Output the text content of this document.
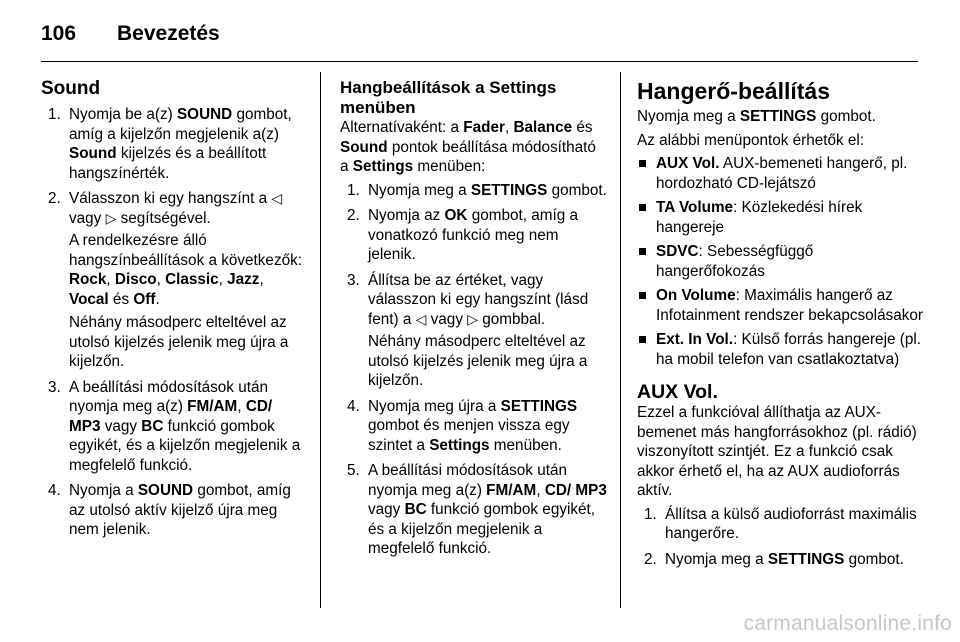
106	Bevezetés
Sound
1. Nyomja be a(z) SOUND gombot, amíg a kijelzőn megjelenik a(z) Sound kijelzés és a beállított hangszínérték.
2. Válasszon ki egy hangszínt a ◁ vagy ▷ segítségével.

A rendelkezésre álló hangszínbeállítások a következők: Rock, Disco, Classic, Jazz, Vocal és Off.

Néhány másodperc elteltével az utolsó kijelzés jelenik meg újra a kijelzőn.

3. A beállítási módosítások után nyomja meg a(z) FM/AM, CD/ MP3 vagy BC funkció gombok egyikét, és a kijelzőn megjelenik a megfelelő funkció.
4. Nyomja a SOUND gombot, amíg az utolsó aktív kijelző újra meg nem jelenik.
Hangbeállítások a Settings menüben

Alternatívaként: a Fader, Balance és Sound pontok beállítása módosítható a Settings menüben:

1. Nyomja meg a SETTINGS gombot.
2. Nyomja az OK gombot, amíg a vonatkozó funkció meg nem jelenik.
3. Állítsa be az értéket, vagy válasszon ki egy hangszínt (lásd fent) a ◁ vagy ▷ gombbal.

Néhány másodperc elteltével az utolsó kijelzés jelenik meg újra a kijelzőn.

4. Nyomja meg újra a SETTINGS gombot és menjen vissza egy szintet a Settings menüben.
5. A beállítási módosítások után nyomja meg a(z) FM/AM, CD/ MP3 vagy BC funkció gombok egyikét, és a kijelzőn megjelenik a megfelelő funkció.
Hangerő-beállítás

Nyomja meg a SETTINGS gombot.

Az alábbi menüpontok érhetők el:

AUX Vol. AUX-bemeneti hangerő, pl. hordozható CD-lejátszó
TA Volume: Közlekedési hírek hangereje
SDVC: Sebességfüggő hangerőfokozás
On Volume: Maximális hangerő az Infotainment rendszer bekapcsolásakor
Ext. In Vol.: Külső forrás hangereje (pl. ha mobil telefon van csatlakoztatva)
AUX Vol.

Ezzel a funkcióval állíthatja az AUX-bemenet más hangforrásokhoz (pl. rádió) viszonyított szintjét. Ez a funkció csak akkor érhető el, ha az AUX audioforrás aktív.

1. Állítsa a külső audioforrást maximális hangerőre.
2. Nyomja meg a SETTINGS gombot.
carmanualsonline.info
